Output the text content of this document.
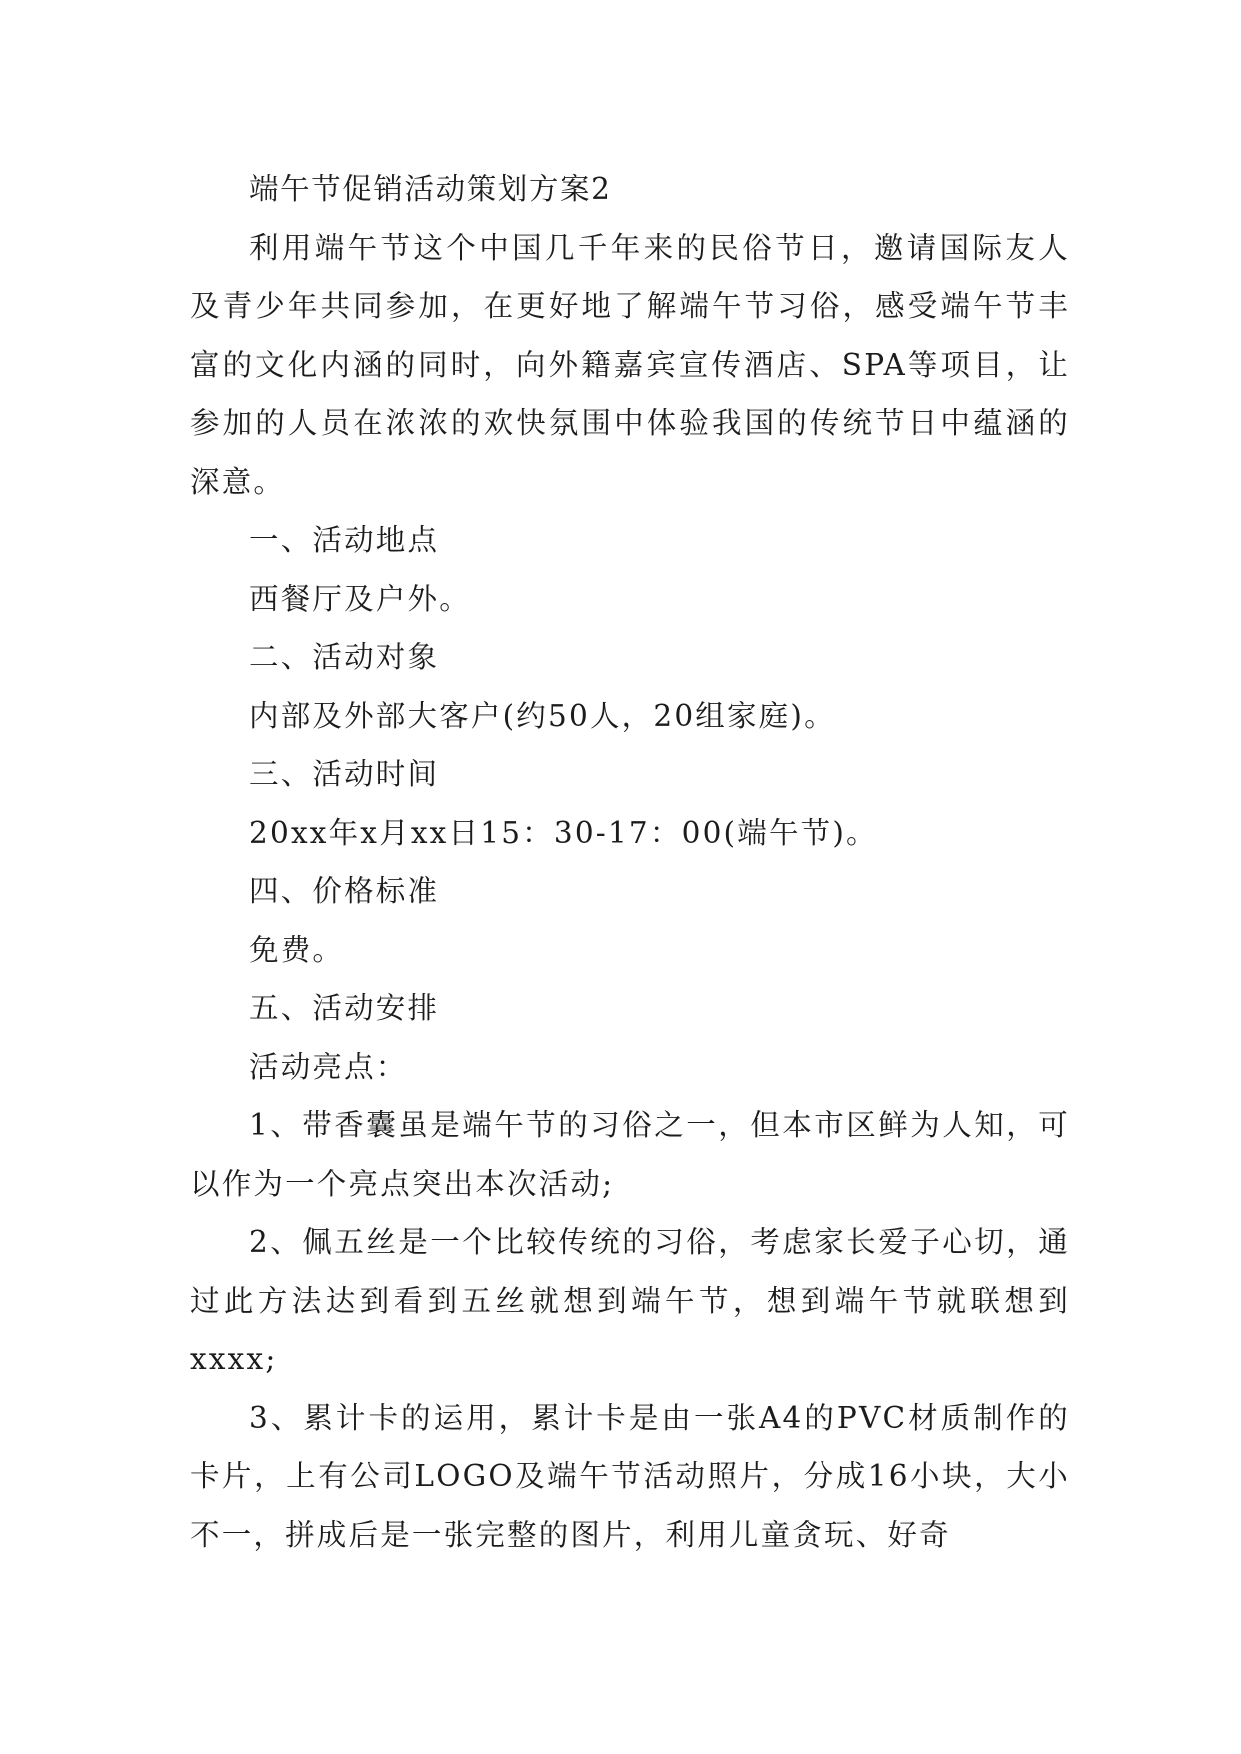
端午节促销活动策划方案2

利用端午节这个中国几千年来的民俗节日，邀请国际友人及青少年共同参加，在更好地了解端午节习俗，感受端午节丰富的文化内涵的同时，向外籍嘉宾宣传酒店、SPA等项目，让参加的人员在浓浓的欢快氛围中体验我国的传统节日中蕴涵的深意。

一、活动地点

西餐厅及户外。

二、活动对象

内部及外部大客户(约50人，20组家庭)。

三、活动时间

20xx年x月xx日15：30-17：00(端午节)。

四、价格标准

免费。

五、活动安排

活动亮点：

1、带香囊虽是端午节的习俗之一，但本市区鲜为人知，可以作为一个亮点突出本次活动;

2、佩五丝是一个比较传统的习俗，考虑家长爱子心切，通过此方法达到看到五丝就想到端午节，想到端午节就联想到xxxx;

3、累计卡的运用，累计卡是由一张A4的PVC材质制作的卡片，上有公司LOGO及端午节活动照片，分成16小块，大小不一，拼成后是一张完整的图片，利用儿童贪玩、好奇
